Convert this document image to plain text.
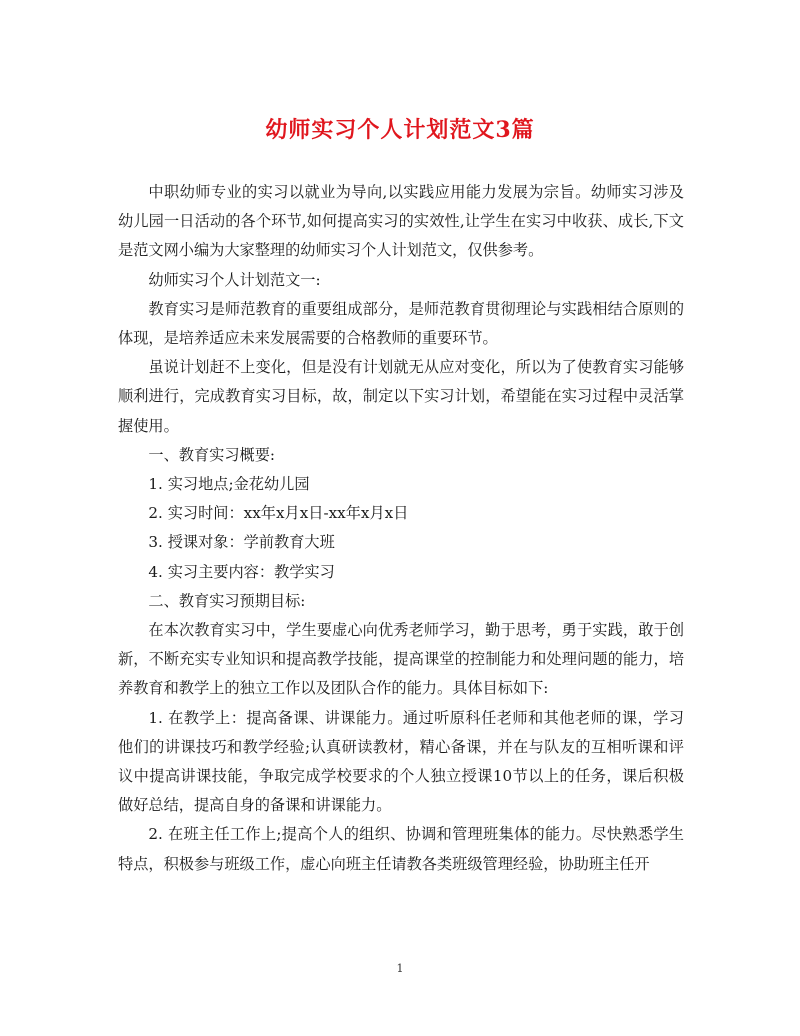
幼师实习个人计划范文3篇

中职幼师专业的实习以就业为导向,以实践应用能力发展为宗旨。幼师实习涉及幼儿园一日活动的各个环节,如何提高实习的实效性,让学生在实习中收获、成长,下文是范文网小编为大家整理的幼师实习个人计划范文，仅供参考。

幼师实习个人计划范文一:

教育实习是师范教育的重要组成部分，是师范教育贯彻理论与实践相结合原则的体现，是培养适应未来发展需要的合格教师的重要环节。

虽说计划赶不上变化，但是没有计划就无从应对变化，所以为了使教育实习能够顺利进行，完成教育实习目标，故，制定以下实习计划，希望能在实习过程中灵活掌握使用。

一、教育实习概要:

1. 实习地点;金花幼儿园

2. 实习时间：xx年x月x日-xx年x月x日

3. 授课对象：学前教育大班

4. 实习主要内容：教学实习

二、教育实习预期目标:

在本次教育实习中，学生要虚心向优秀老师学习，勤于思考，勇于实践，敢于创新，不断充实专业知识和提高教学技能，提高课堂的控制能力和处理问题的能力，培养教育和教学上的独立工作以及团队合作的能力。具体目标如下:

1. 在教学上：提高备课、讲课能力。通过听原科任老师和其他老师的课，学习他们的讲课技巧和教学经验;认真研读教材，精心备课，并在与队友的互相听课和评议中提高讲课技能，争取完成学校要求的个人独立授课10节以上的任务，课后积极做好总结，提高自身的备课和讲课能力。

2. 在班主任工作上;提高个人的组织、协调和管理班集体的能力。尽快熟悉学生特点，积极参与班级工作，虚心向班主任请教各类班级管理经验，协助班主任开

1
